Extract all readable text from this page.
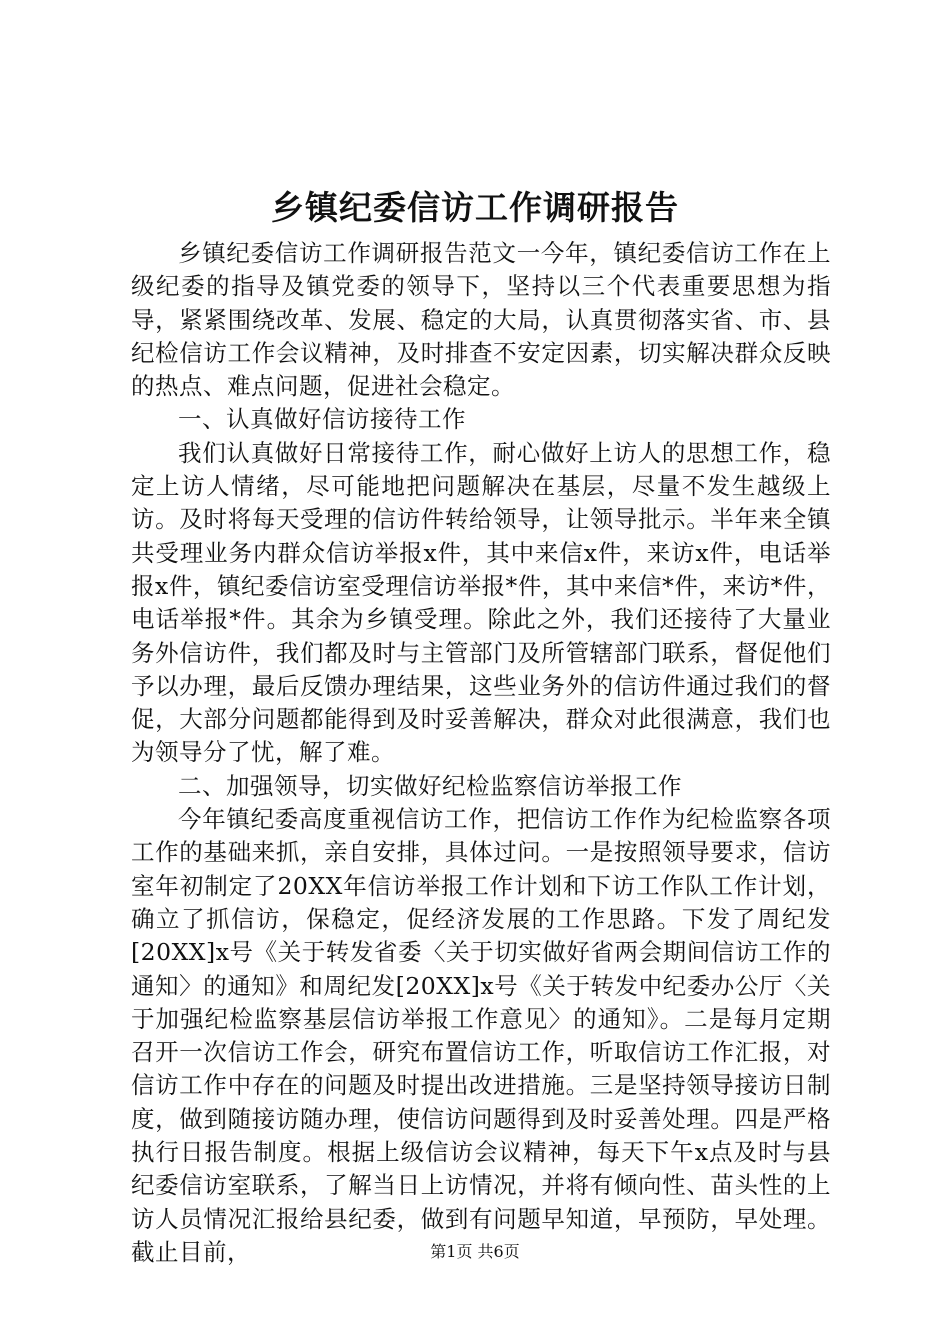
乡镇纪委信访工作调研报告

乡镇纪委信访工作调研报告范文一今年，镇纪委信访工作在上级纪委的指导及镇党委的领导下，坚持以三个代表重要思想为指导，紧紧围绕改革、发展、稳定的大局，认真贯彻落实省、市、县纪检信访工作会议精神，及时排查不安定因素，切实解决群众反映的热点、难点问题，促进社会稳定。

一、认真做好信访接待工作

我们认真做好日常接待工作，耐心做好上访人的思想工作，稳定上访人情绪，尽可能地把问题解决在基层，尽量不发生越级上访。及时将每天受理的信访件转给领导，让领导批示。半年来全镇共受理业务内群众信访举报x件，其中来信x件，来访x件，电话举报x件，镇纪委信访室受理信访举报*件，其中来信*件，来访*件，电话举报*件。其余为乡镇受理。除此之外，我们还接待了大量业务外信访件，我们都及时与主管部门及所管辖部门联系，督促他们予以办理，最后反馈办理结果，这些业务外的信访件通过我们的督促，大部分问题都能得到及时妥善解决，群众对此很满意，我们也为领导分了忧，解了难。

二、加强领导，切实做好纪检监察信访举报工作

今年镇纪委高度重视信访工作，把信访工作作为纪检监察各项工作的基础来抓，亲自安排，具体过问。一是按照领导要求，信访室年初制定了20XX年信访举报工作计划和下访工作队工作计划，确立了抓信访，保稳定，促经济发展的工作思路。下发了周纪发[20XX]x号《关于转发省委〈关于切实做好省两会期间信访工作的通知〉的通知》和周纪发[20XX]x号《关于转发中纪委办公厅〈关于加强纪检监察基层信访举报工作意见〉的通知》。二是每月定期召开一次信访工作会，研究布置信访工作，听取信访工作汇报，对信访工作中存在的问题及时提出改进措施。三是坚持领导接访日制度，做到随接访随办理，使信访问题得到及时妥善处理。四是严格执行日报告制度。根据上级信访会议精神，每天下午x点及时与县纪委信访室联系，了解当日上访情况，并将有倾向性、苗头性的上访人员情况汇报给县纪委，做到有问题早知道，早预防，早处理。截止目前，	第1页 共6页
